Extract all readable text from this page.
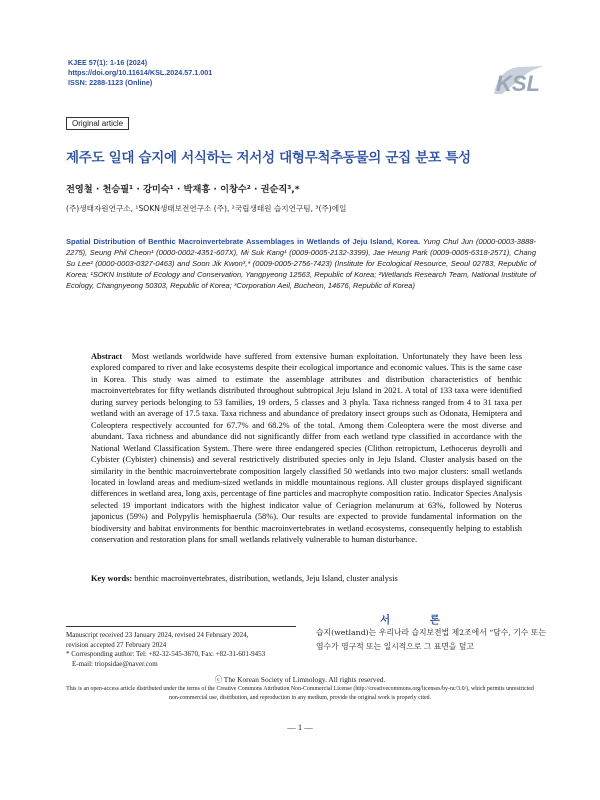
KJEE 57(1): 1-16 (2024)
https://doi.org/10.11614/KSL.2024.57.1.001
ISSN: 2288-1123 (Online)	KSL
Original article
제주도 일대 습지에 서식하는 저서성 대형무척추동물의 군집 분포 특성
전영철 · 천승필¹ · 강미숙¹ · 박재흥 · 이창수² · 권순직³,*
(주)생태자원연구소, ¹SOKN생태보전연구소 (주), ²국립생태원 습지연구팀, ³(주)에일
Spatial Distribution of Benthic Macroinvertebrate Assemblages in Wetlands of Jeju Island, Korea. Yung Chul Jun (0000-0003-3888-2275), Seung Phil Cheon¹ (0000-0002-4351-607X), Mi Suk Kang¹ (0009-0005-2132-3399), Jae Heung Park (0009-0005-6318-2571), Chang Su Lee² (0000-0003-0327-0463) and Soon Jik Kwon³,* (0009-0005-2756-7423) (Institute for Ecological Resource, Seoul 02783, Republic of Korea; ¹SOKN Institute of Ecology and Conservation, Yangpyeong 12563, Republic of Korea; ²Wetlands Research Team, National Institute of Ecology, Changnyeong 50303, Republic of Korea; ³Corporation Aeil, Bucheon, 14676, Republic of Korea)
Abstract Most wetlands worldwide have suffered from extensive human exploitation. Unfortunately they have been less explored compared to river and lake ecosystems despite their ecological importance and economic values. This is the same case in Korea. This study was aimed to estimate the assemblage attributes and distribution characteristics of benthic macroinvertebrates for fifty wetlands distributed throughout subtropical Jeju Island in 2021. A total of 133 taxa were identified during survey periods belonging to 53 families, 19 orders, 5 classes and 3 phyla. Taxa richness ranged from 4 to 31 taxa per wetland with an average of 17.5 taxa. Taxa richness and abundance of predatory insect groups such as Odonata, Hemiptera and Coleoptera respectively accounted for 67.7% and 68.2% of the total. Among them Coleoptera were the most diverse and abundant. Taxa richness and abundance did not significantly differ from each wetland type classified in accordance with the National Wetland Classification System. There were three endangered species (Clithon retropictum, Lethocerus deyrolli and Cybister (Cybister) chinensis) and several restrictively distributed species only in Jeju Island. Cluster analysis based on the similarity in the benthic macroinvertebrate composition largely classified 50 wetlands into two major clusters: small wetlands located in lowland areas and medium-sized wetlands in middle mountainous regions. All cluster groups displayed significant differences in wetland area, long axis, percentage of fine particles and macrophyte composition ratio. Indicator Species Analysis selected 19 important indicators with the highest indicator value of Ceriagrion melanurum at 63%, followed by Noterus japonicus (59%) and Polypylis hemisphaerula (58%). Our results are expected to provide fundamental information on the biodiversity and habitat environments for benthic macroinvertebrates in wetland ecosystems, consequently helping to establish conservation and restoration plans for small wetlands relatively vulnerable to human disturbance.
Key words: benthic macroinvertebrates, distribution, wetlands, Jeju Island, cluster analysis
서 론
Manuscript received 23 January 2024, revised 24 February 2024,
revision accepted 27 February 2024
* Corresponding author: Tel: +82-32-545-3670, Fax: +82-31-601-9453
E-mail: triopsidae@naver.com
습지(wetland)는 우리나라 습지보전법 제2조에서 “담수, 기수 또는 염수가 영구적 또는 일시적으로 그 표면을 덮고
ⓒ The Korean Society of Limnology. All rights reserved.
This is an open-access article distributed under the terms of the Creative Commons Attribution Non-Commercial License (http://creativecommons.org/licenses/by-nc/3.0/), which permits unrestricted non-commercial use, distribution, and reproduction in any medium, provide the original work is properly cited.
— 1 —
